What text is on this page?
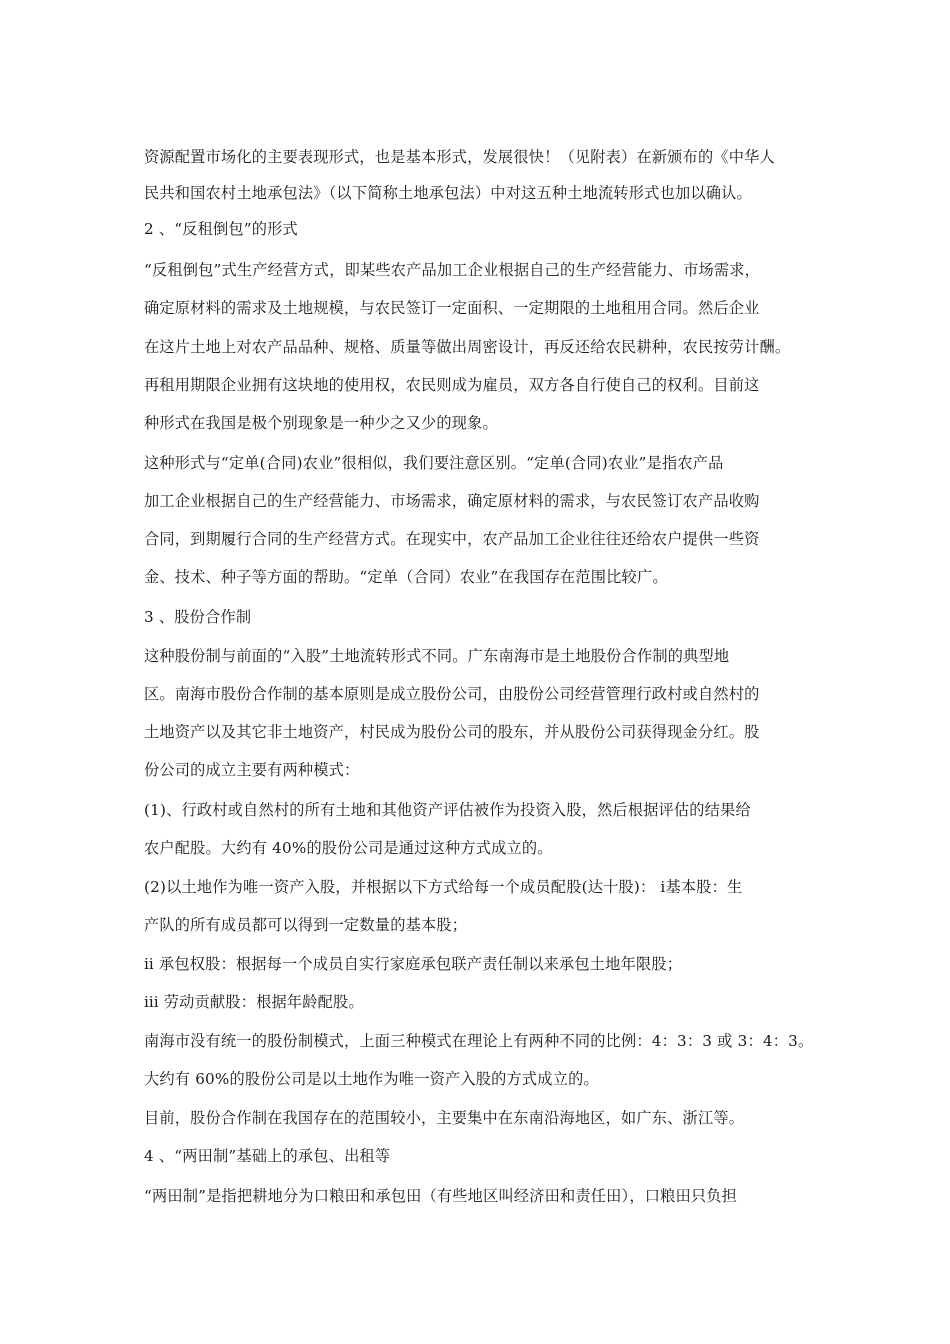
资源配置市场化的主要表现形式，也是基本形式，发展很快！（见附表）在新颁布的《中华人
民共和国农村土地承包法》（以下简称土地承包法）中对这五种土地流转形式也加以确认。
2 、“反租倒包”的形式
“反租倒包”式生产经营方式，即某些农产品加工企业根据自己的生产经营能力、市场需求，
确定原材料的需求及土地规模，与农民签订一定面积、一定期限的土地租用合同。然后企业
在这片土地上对农产品品种、规格、质量等做出周密设计，再反还给农民耕种，农民按劳计酬。
再租用期限企业拥有这块地的使用权，农民则成为雇员，双方各自行使自己的权利。目前这
种形式在我国是极个别现象是一种少之又少的现象。
这种形式与“定单(合同)农业”很相似，我们要注意区别。“定单(合同)农业”是指农产品
加工企业根据自己的生产经营能力、市场需求，确定原材料的需求，与农民签订农产品收购
合同，到期履行合同的生产经营方式。在现实中，农产品加工企业往往还给农户提供一些资
金、技术、种子等方面的帮助。“定单（合同）农业”在我国存在范围比较广。
3 、股份合作制
这种股份制与前面的“入股”土地流转形式不同。广东南海市是土地股份合作制的典型地
区。南海市股份合作制的基本原则是成立股份公司，由股份公司经营管理行政村或自然村的
土地资产以及其它非土地资产，村民成为股份公司的股东，并从股份公司获得现金分红。股
份公司的成立主要有两种模式：
(1)、行政村或自然村的所有土地和其他资产评估被作为投资入股，然后根据评估的结果给
农户配股。大约有 40%的股份公司是通过这种方式成立的。
(2)以土地作为唯一资产入股，并根据以下方式给每一个成员配股(达十股)： ⅰ基本股：生
产队的所有成员都可以得到一定数量的基本股；
ⅱ 承包权股：根据每一个成员自实行家庭承包联产责任制以来承包土地年限股；
ⅲ 劳动贡献股：根据年龄配股。
南海市没有统一的股份制模式，上面三种模式在理论上有两种不同的比例：4：3：3 或 3：4：3。
大约有 60%的股份公司是以土地作为唯一资产入股的方式成立的。
目前，股份合作制在我国存在的范围较小，主要集中在东南沿海地区，如广东、浙江等。
4 、“两田制”基础上的承包、出租等
“两田制”是指把耕地分为口粮田和承包田（有些地区叫经济田和责任田），口粮田只负担
